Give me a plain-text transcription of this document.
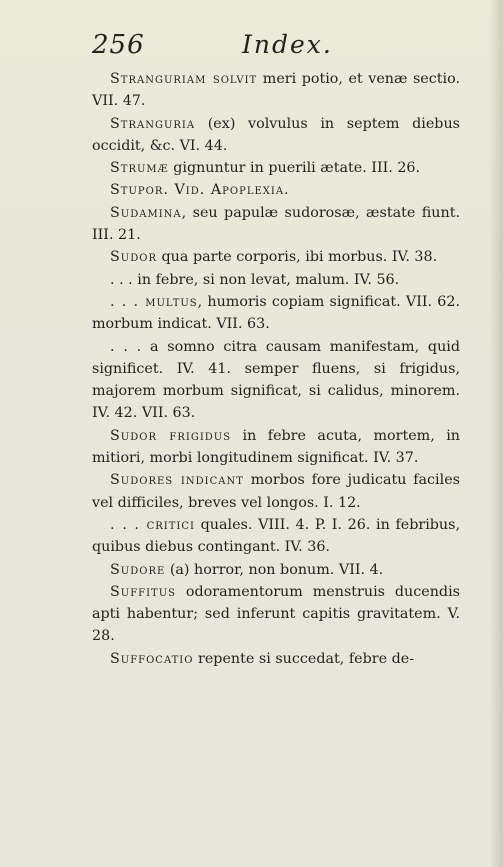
256	Index.

Stranguriam solvit meri potio, et venæ sectio. VII. 47.

Stranguria (ex) volvulus in septem diebus occidit, &c. VI. 44.

Strumæ gignuntur in puerili ætate. III. 26.

Stupor. Vid. Apoplexia.

Sudamina, seu papulæ sudorosæ, æstate fiunt. III. 21.

Sudor qua parte corporis, ibi morbus. IV. 38.

. . . in febre, si non levat, malum. IV. 56.

. . . multus, humoris copiam significat. VII. 62. morbum indicat. VII. 63.

. . . a somno citra causam manifestam, quid significet. IV. 41. semper fluens, si frigidus, majorem morbum significat, si calidus, minorem. IV. 42. VII. 63.

Sudor frigidus in febre acuta, mortem, in mitiori, morbi longitudinem significat. IV. 37.

Sudores indicant morbos fore judicatu faciles vel difficiles, breves vel longos. I. 12.

. . . critici quales. VIII. 4. P. I. 26. in febribus, quibus diebus contingant. IV. 36.

Sudore (a) horror, non bonum. VII. 4.

Suffitus odoramentorum menstruis ducendis apti habentur; sed inferunt capitis gravitatem. V. 28.

Suffocatio repente si succedat, febre de-
